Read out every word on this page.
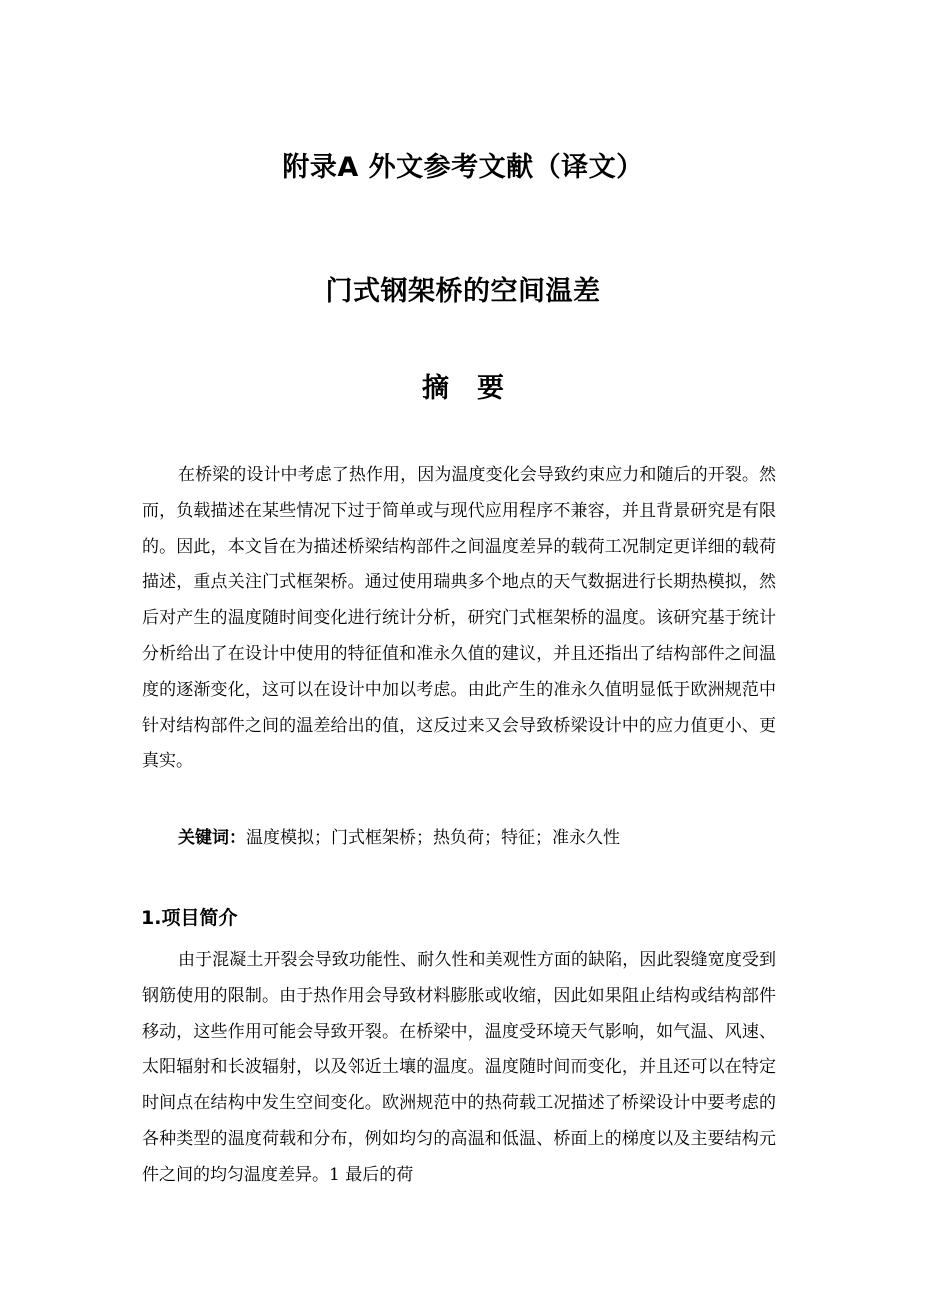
附录A 外文参考文献（译文）
门式钢架桥的空间温差
摘要
在桥梁的设计中考虑了热作用，因为温度变化会导致约束应力和随后的开裂。然而，负载描述在某些情况下过于简单或与现代应用程序不兼容，并且背景研究是有限的。因此，本文旨在为描述桥梁结构部件之间温度差异的载荷工况制定更详细的载荷描述，重点关注门式框架桥。通过使用瑞典多个地点的天气数据进行长期热模拟，然后对产生的温度随时间变化进行统计分析，研究门式框架桥的温度。该研究基于统计分析给出了在设计中使用的特征值和准永久值的建议，并且还指出了结构部件之间温度的逐渐变化，这可以在设计中加以考虑。由此产生的准永久值明显低于欧洲规范中针对结构部件之间的温差给出的值，这反过来又会导致桥梁设计中的应力值更小、更真实。
关键词：温度模拟；门式框架桥；热负荷；特征；准永久性
1.项目简介
由于混凝土开裂会导致功能性、耐久性和美观性方面的缺陷，因此裂缝宽度受到钢筋使用的限制。由于热作用会导致材料膨胀或收缩，因此如果阻止结构或结构部件移动，这些作用可能会导致开裂。在桥梁中，温度受环境天气影响，如气温、风速、太阳辐射和长波辐射，以及邻近土壤的温度。温度随时间而变化，并且还可以在特定时间点在结构中发生空间变化。欧洲规范中的热荷载工况描述了桥梁设计中要考虑的各种类型的温度荷载和分布，例如均匀的高温和低温、桥面上的梯度以及主要结构元件之间的均匀温度差异。1 最后的荷
